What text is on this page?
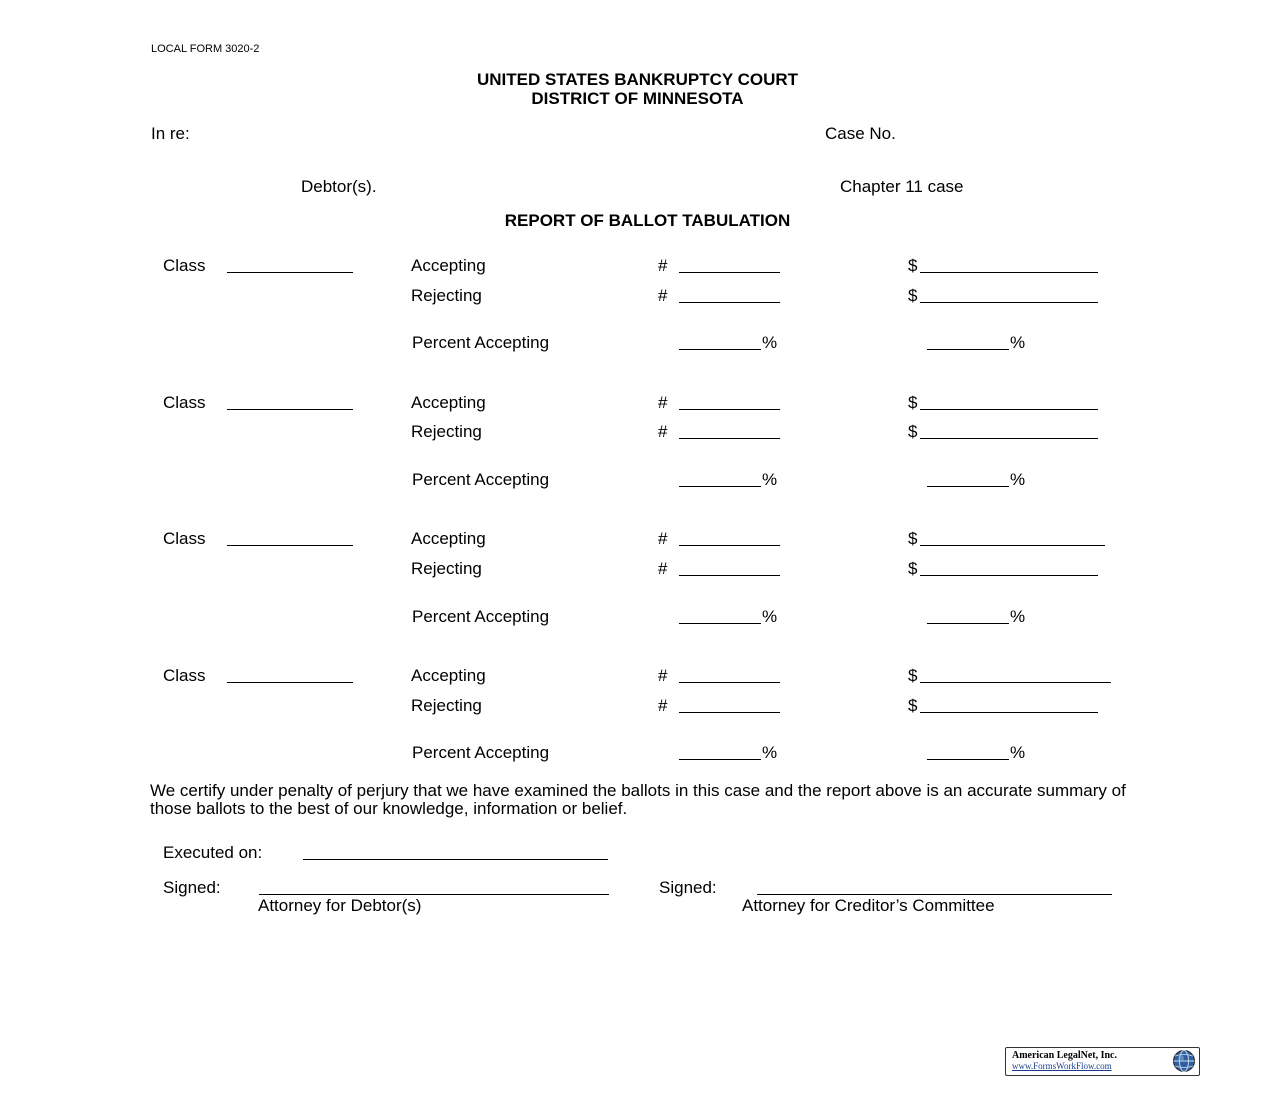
LOCAL FORM 3020-2
UNITED STATES BANKRUPTCY COURT
DISTRICT OF MINNESOTA
In re:	Case No.
Debtor(s).	Chapter 11 case
REPORT OF BALLOT TABULATION
Class	Accepting	#	$
Rejecting	#	$
Percent Accepting	%	%
Class	Accepting	#	$
Rejecting	#	$
Percent Accepting	%	%
Class	Accepting	#	$
Rejecting	#	$
Percent Accepting	%	%
Class	Accepting	#	$
Rejecting	#	$
Percent Accepting	%	%
We certify under penalty of perjury that we have examined the ballots in this case and the report above is an accurate summary of those ballots to the best of our knowledge, information or belief.
Executed on:
Signed:
Attorney for Debtor(s)
Signed:
Attorney for Creditor’s Committee
American LegalNet, Inc.
www.FormsWorkFlow.com
